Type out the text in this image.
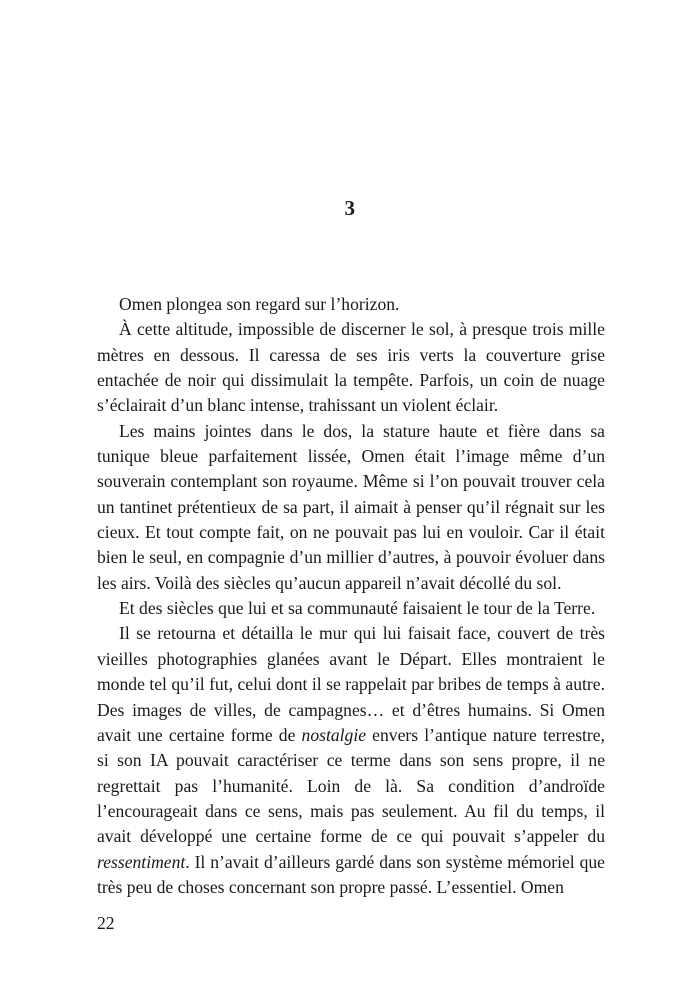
3

Omen plongea son regard sur l’horizon.

À cette altitude, impossible de discerner le sol, à presque trois mille mètres en dessous. Il caressa de ses iris verts la couverture grise entachée de noir qui dissimulait la tempête. Parfois, un coin de nuage s’éclairait d’un blanc intense, trahissant un violent éclair.

Les mains jointes dans le dos, la stature haute et fière dans sa tunique bleue parfaitement lissée, Omen était l’image même d’un souverain contemplant son royaume. Même si l’on pouvait trouver cela un tantinet prétentieux de sa part, il aimait à penser qu’il régnait sur les cieux. Et tout compte fait, on ne pouvait pas lui en vouloir. Car il était bien le seul, en compagnie d’un millier d’autres, à pouvoir évoluer dans les airs. Voilà des siècles qu’aucun appareil n’avait décollé du sol.

Et des siècles que lui et sa communauté faisaient le tour de la Terre.

Il se retourna et détailla le mur qui lui faisait face, couvert de très vieilles photographies glanées avant le Départ. Elles montraient le monde tel qu’il fut, celui dont il se rappelait par bribes de temps à autre. Des images de villes, de campagnes… et d’êtres humains. Si Omen avait une certaine forme de nostalgie envers l’antique nature terrestre, si son IA pouvait caractériser ce terme dans son sens propre, il ne regrettait pas l’humanité. Loin de là. Sa condition d’androïde l’encourageait dans ce sens, mais pas seulement. Au fil du temps, il avait développé une certaine forme de ce qui pouvait s’appeler du ressentiment. Il n’avait d’ailleurs gardé dans son système mémoriel que très peu de choses concernant son propre passé. L’essentiel. Omen

22
